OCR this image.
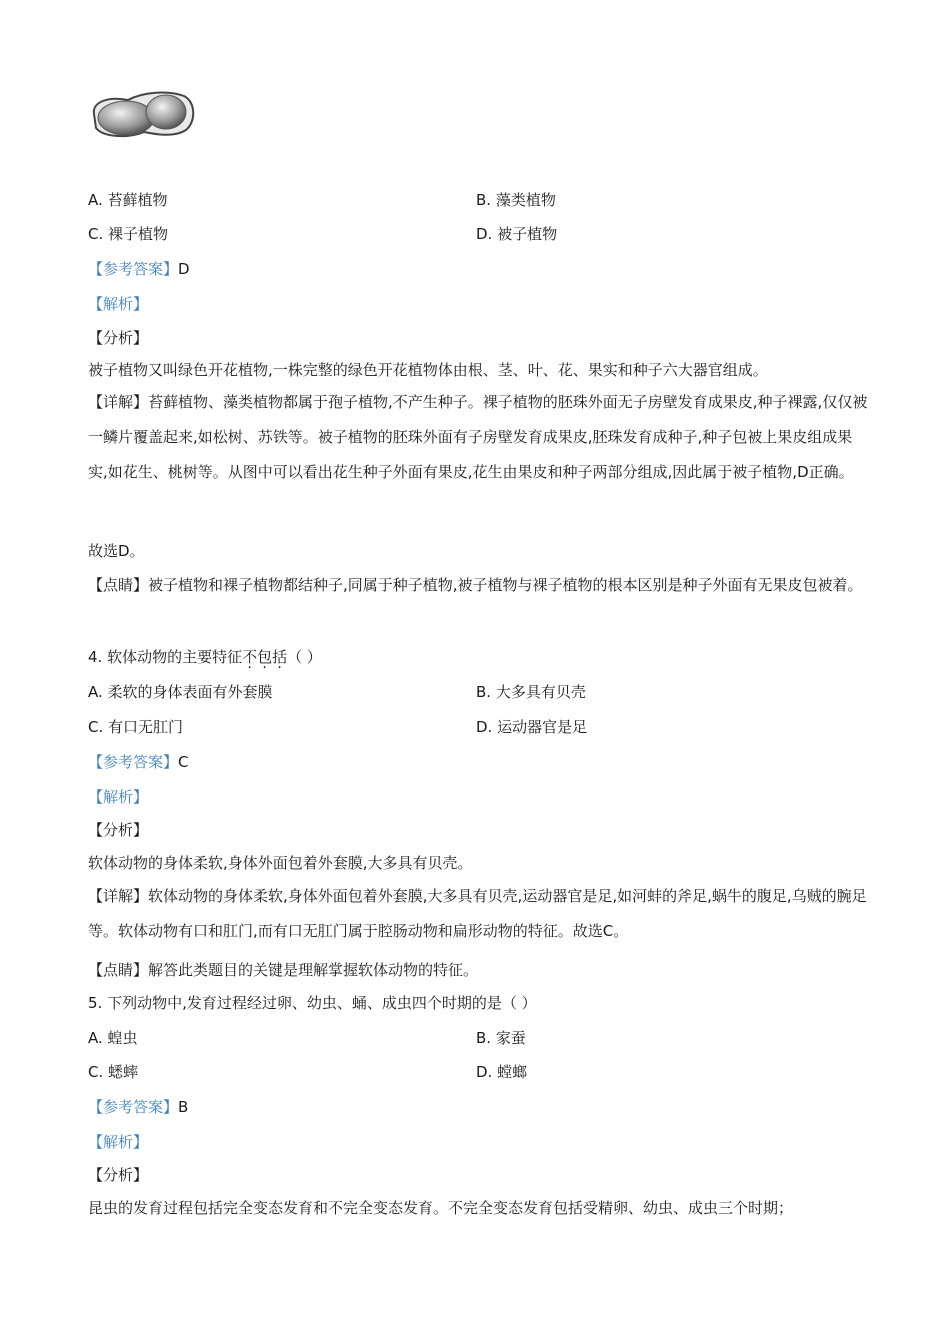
A. 苔藓植物	B. 藻类植物
C. 裸子植物	D. 被子植物
【参考答案】D
【解析】
【分析】
被子植物又叫绿色开花植物,一株完整的绿色开花植物体由根、茎、叶、花、果实和种子六大器官组成。
【详解】苔藓植物、藻类植物都属于孢子植物,不产生种子。裸子植物的胚珠外面无子房壁发育成果皮,种子裸露,仅仅被一鳞片覆盖起来,如松树、苏铁等。被子植物的胚珠外面有子房壁发育成果皮,胚珠发育成种子,种子包被上果皮组成果实,如花生、桃树等。从图中可以看出花生种子外面有果皮,花生由果皮和种子两部分组成,因此属于被子植物,D正确。
故选D。
【点睛】被子植物和裸子植物都结种子,同属于种子植物,被子植物与裸子植物的根本区别是种子外面有无果皮包被着。
4. 软体动物的主要特征不包括（ ）
A. 柔软的身体表面有外套膜	B. 大多具有贝壳
C. 有口无肛门	D. 运动器官是足
【参考答案】C
【解析】
【分析】
软体动物的身体柔软,身体外面包着外套膜,大多具有贝壳。
【详解】软体动物的身体柔软,身体外面包着外套膜,大多具有贝壳,运动器官是足,如河蚌的斧足,蜗牛的腹足,乌贼的腕足等。软体动物有口和肛门,而有口无肛门属于腔肠动物和扁形动物的特征。故选C。
【点睛】解答此类题目的关键是理解掌握软体动物的特征。
5. 下列动物中,发育过程经过卵、幼虫、蛹、成虫四个时期的是（ ）
A. 蝗虫	B. 家蚕
C. 蟋蟀	D. 螳螂
【参考答案】B
【解析】
【分析】
昆虫的发育过程包括完全变态发育和不完全变态发育。不完全变态发育包括受精卵、幼虫、成虫三个时期；
